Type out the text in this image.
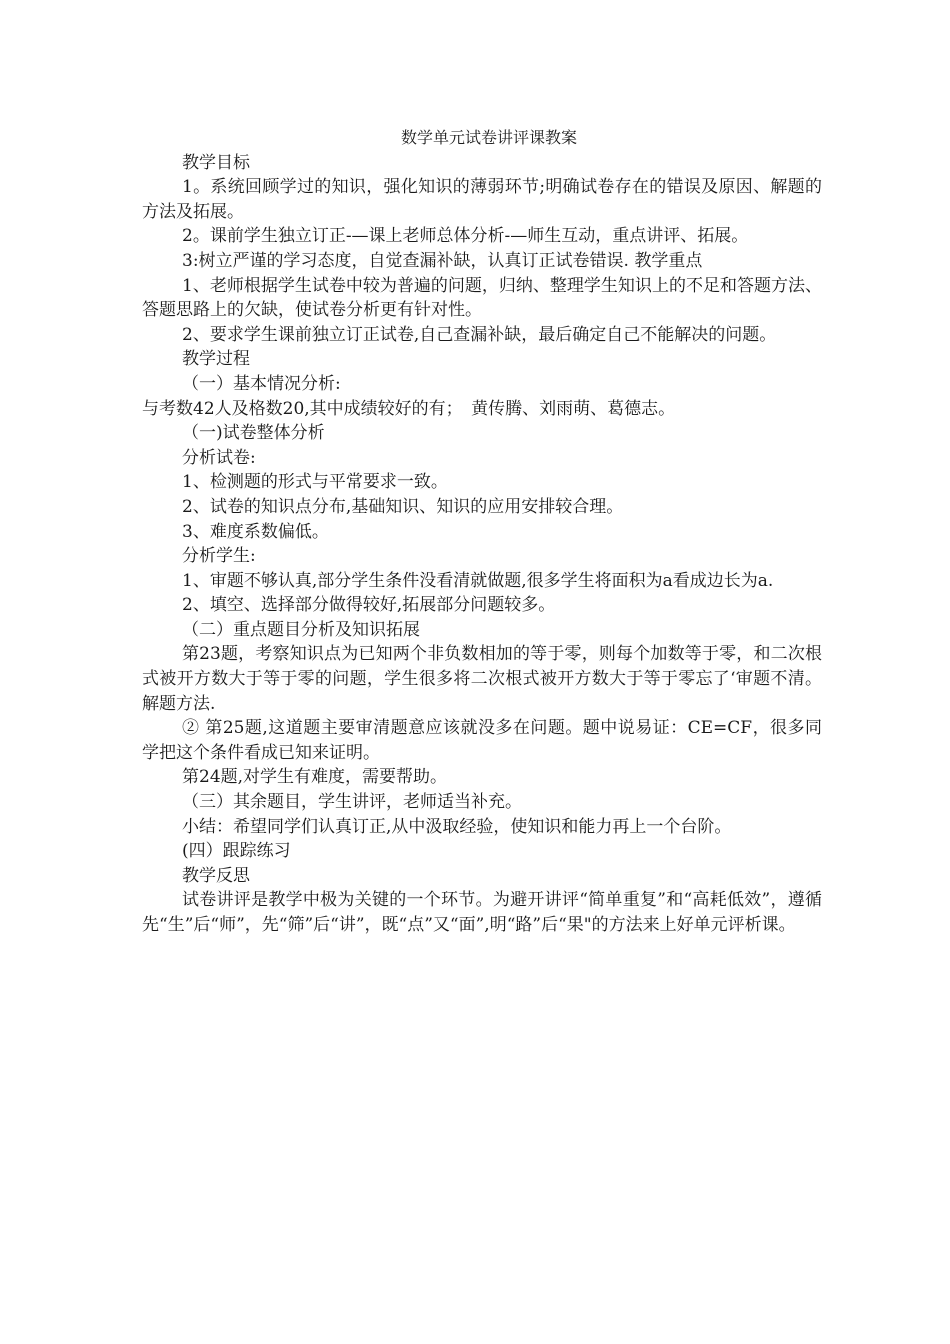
数学单元试卷讲评课教案

教学目标

1。系统回顾学过的知识，强化知识的薄弱环节;明确试卷存在的错误及原因、解题的方法及拓展。

2。课前学生独立订正-—课上老师总体分析-—师生互动，重点讲评、拓展。

3:树立严谨的学习态度，自觉查漏补缺，认真订正试卷错误. 教学重点

1、老师根据学生试卷中较为普遍的问题，归纳、整理学生知识上的不足和答题方法、答题思路上的欠缺，使试卷分析更有针对性。

2、要求学生课前独立订正试卷,自己查漏补缺，最后确定自己不能解决的问题。

教学过程

（一）基本情况分析:

与考数42人及格数20,其中成绩较好的有；　黄传腾、刘雨萌、葛德志。

（一)试卷整体分析

分析试卷:

1、检测题的形式与平常要求一致。

2、试卷的知识点分布,基础知识、知识的应用安排较合理。

3、难度系数偏低。

分析学生:

1、审题不够认真,部分学生条件没看清就做题,很多学生将面积为a看成边长为a.

2、填空、选择部分做得较好,拓展部分问题较多。

（二）重点题目分析及知识拓展

第23题，考察知识点为已知两个非负数相加的等于零，则每个加数等于零，和二次根式被开方数大于等于零的问题，学生很多将二次根式被开方数大于等于零忘了‘审题不清。解题方法.

② 第25题,这道题主要审清题意应该就没多在问题。题中说易证：CE=CF，很多同学把这个条件看成已知来证明。

第24题,对学生有难度，需要帮助。

（三）其余题目，学生讲评，老师适当补充。

小结：希望同学们认真订正,从中汲取经验，使知识和能力再上一个台阶。

(四）跟踪练习

教学反思

试卷讲评是教学中极为关键的一个环节。为避开讲评“简单重复”和“高耗低效”，遵循先“生”后“师”，先“筛”后“讲”，既“点”又“面”,明“路”后“果"的方法来上好单元评析课。
